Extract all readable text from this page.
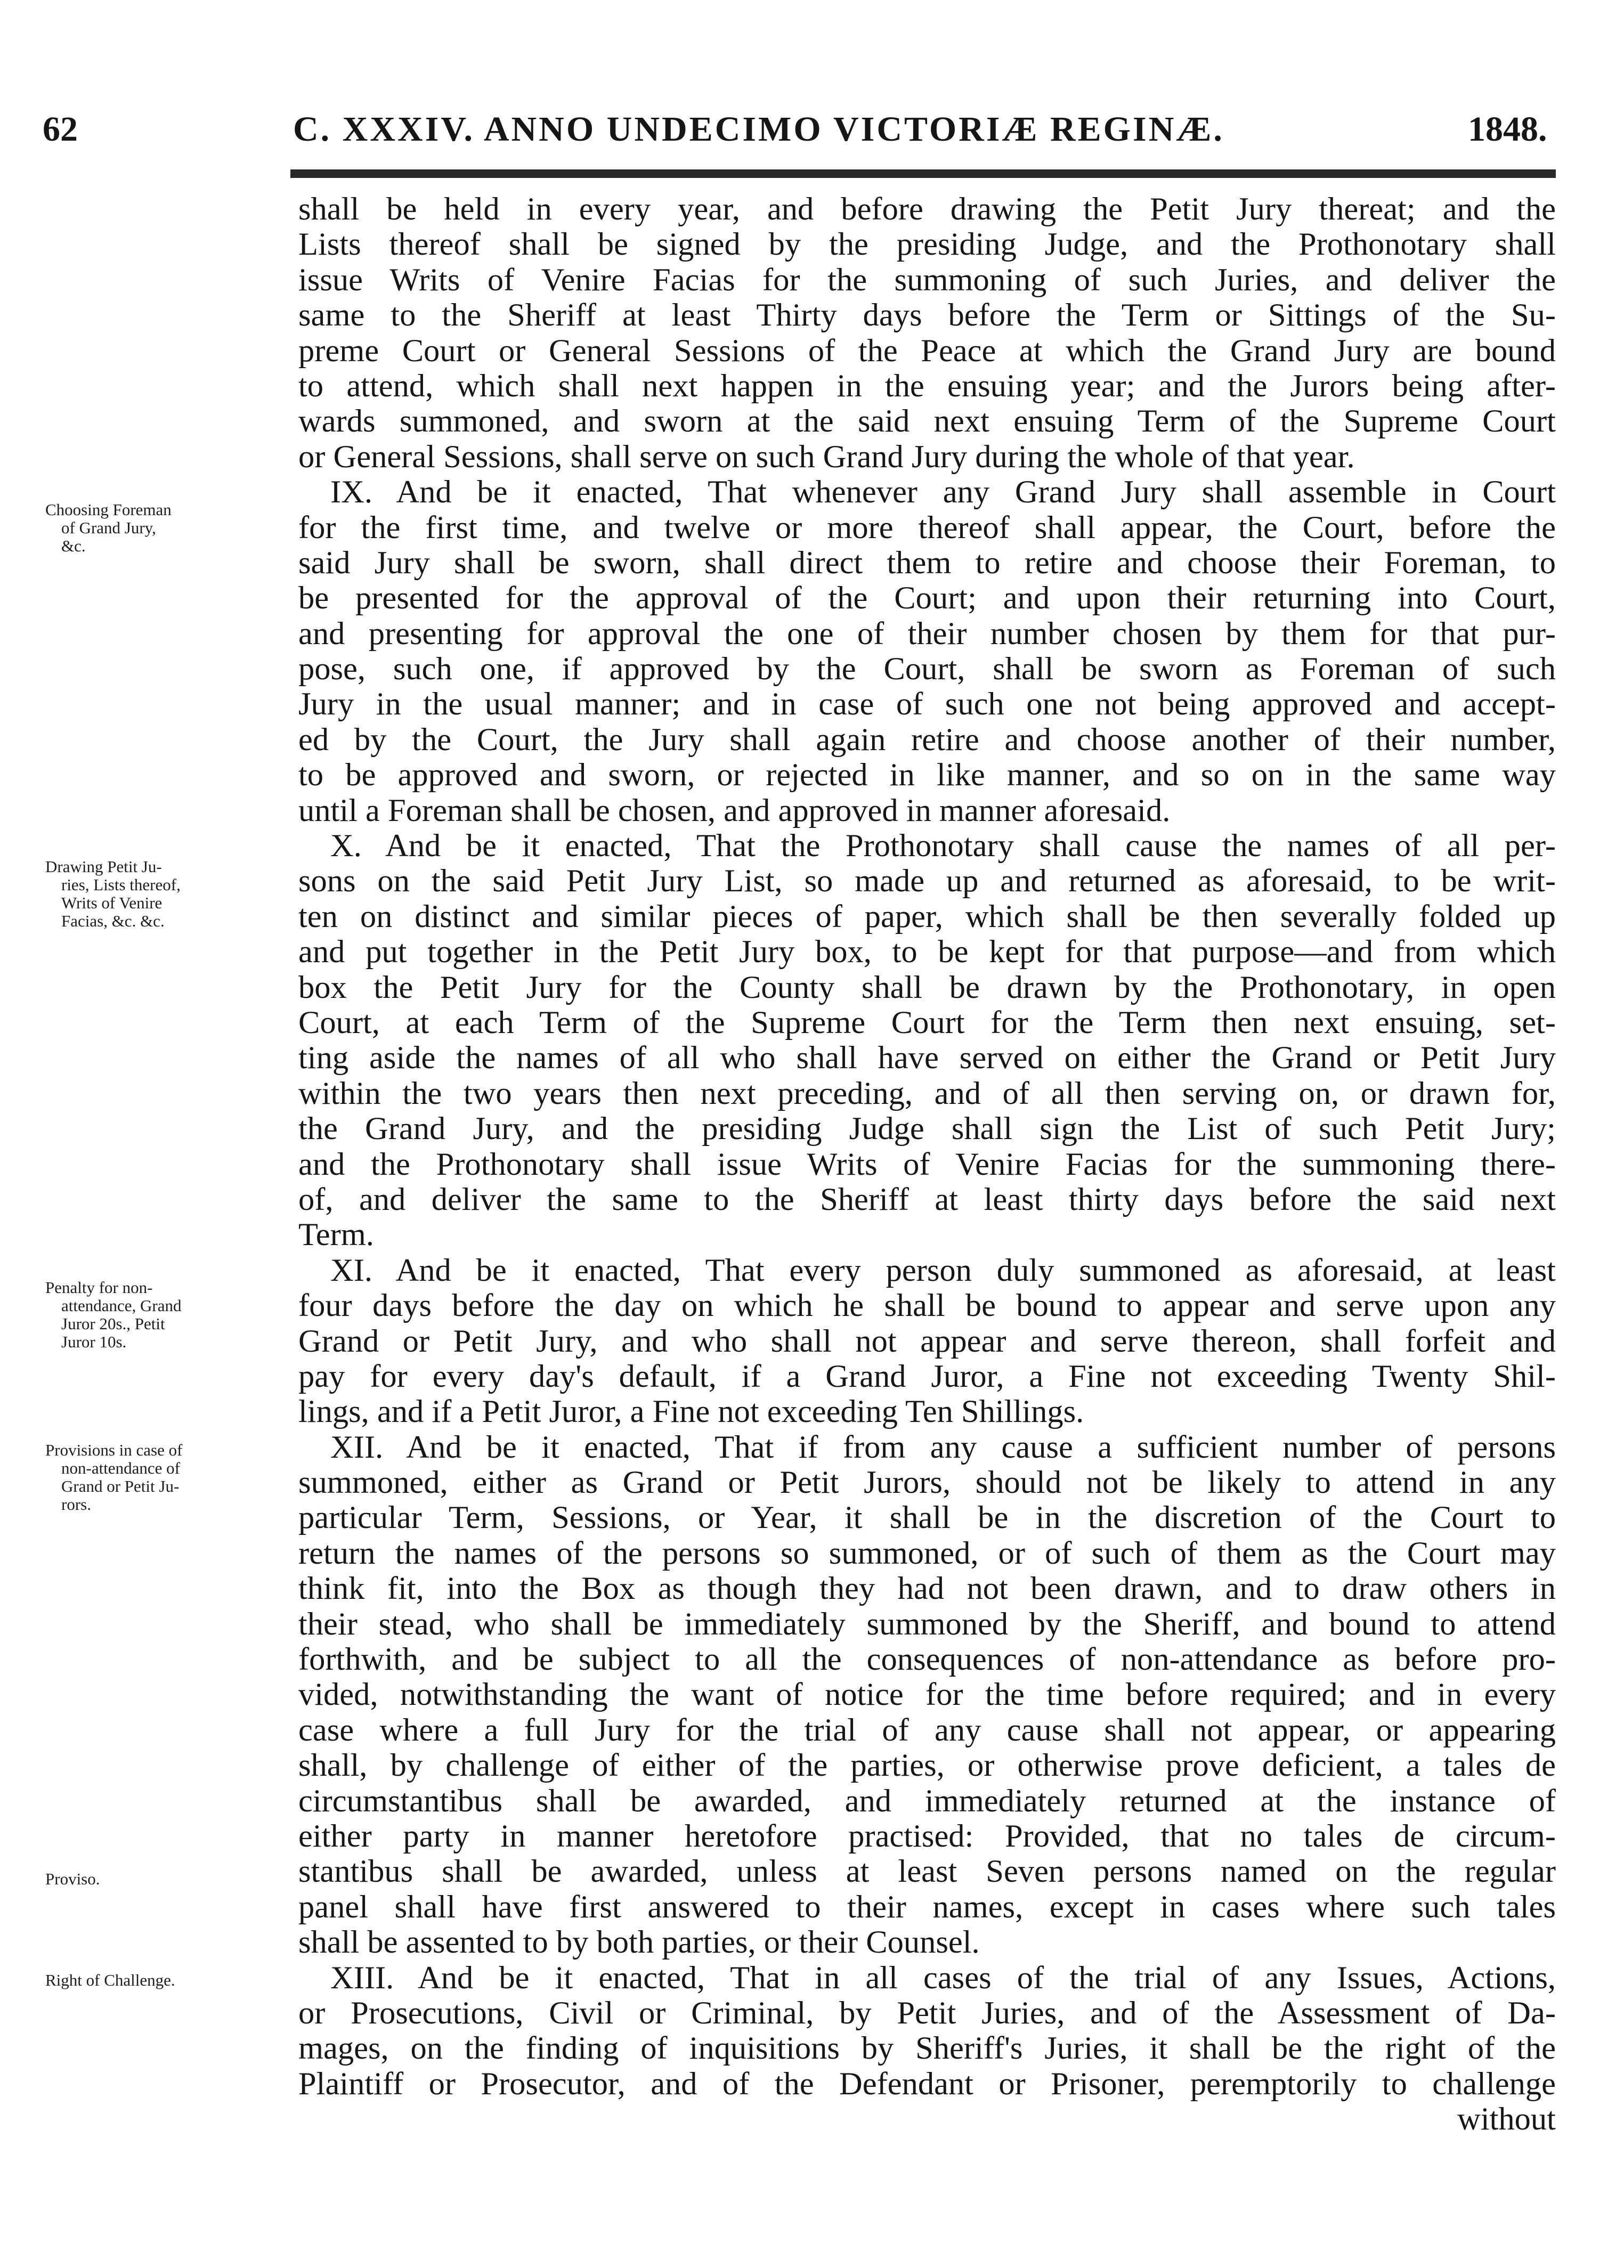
62	C. XXXIV. ANNO UNDECIMO VICTORIÆ REGINÆ.	1848.
Choosing Foreman
of Grand Jury,
&c.
Drawing Petit Ju-
ries, Lists thereof,
Writs of Venire
Facias, &c. &c.
Penalty for non-
attendance, Grand
Juror 20s., Petit
Juror 10s.
Provisions in case of
non-attendance of
Grand or Petit Ju-
rors.
Proviso.
Right of Challenge.
shall be held in every year, and before drawing the Petit Jury thereat; and the
Lists thereof shall be signed by the presiding Judge, and the Prothonotary shall
issue Writs of Venire Facias for the summoning of such Juries, and deliver the
same to the Sheriff at least Thirty days before the Term or Sittings of the Su-
preme Court or General Sessions of the Peace at which the Grand Jury are bound
to attend, which shall next happen in the ensuing year; and the Jurors being after-
wards summoned, and sworn at the said next ensuing Term of the Supreme Court
or General Sessions, shall serve on such Grand Jury during the whole of that year.
IX. And be it enacted, That whenever any Grand Jury shall assemble in Court
for the first time, and twelve or more thereof shall appear, the Court, before the
said Jury shall be sworn, shall direct them to retire and choose their Foreman, to
be presented for the approval of the Court; and upon their returning into Court,
and presenting for approval the one of their number chosen by them for that pur-
pose, such one, if approved by the Court, shall be sworn as Foreman of such
Jury in the usual manner; and in case of such one not being approved and accept-
ed by the Court, the Jury shall again retire and choose another of their number,
to be approved and sworn, or rejected in like manner, and so on in the same way
until a Foreman shall be chosen, and approved in manner aforesaid.
X. And be it enacted, That the Prothonotary shall cause the names of all per-
sons on the said Petit Jury List, so made up and returned as aforesaid, to be writ-
ten on distinct and similar pieces of paper, which shall be then severally folded up
and put together in the Petit Jury box, to be kept for that purpose—and from which
box the Petit Jury for the County shall be drawn by the Prothonotary, in open
Court, at each Term of the Supreme Court for the Term then next ensuing, set-
ting aside the names of all who shall have served on either the Grand or Petit Jury
within the two years then next preceding, and of all then serving on, or drawn for,
the Grand Jury, and the presiding Judge shall sign the List of such Petit Jury;
and the Prothonotary shall issue Writs of Venire Facias for the summoning there-
of, and deliver the same to the Sheriff at least thirty days before the said next
Term.
XI. And be it enacted, That every person duly summoned as aforesaid, at least
four days before the day on which he shall be bound to appear and serve upon any
Grand or Petit Jury, and who shall not appear and serve thereon, shall forfeit and
pay for every day's default, if a Grand Juror, a Fine not exceeding Twenty Shil-
lings, and if a Petit Juror, a Fine not exceeding Ten Shillings.
XII. And be it enacted, That if from any cause a sufficient number of persons
summoned, either as Grand or Petit Jurors, should not be likely to attend in any
particular Term, Sessions, or Year, it shall be in the discretion of the Court to
return the names of the persons so summoned, or of such of them as the Court may
think fit, into the Box as though they had not been drawn, and to draw others in
their stead, who shall be immediately summoned by the Sheriff, and bound to attend
forthwith, and be subject to all the consequences of non-attendance as before pro-
vided, notwithstanding the want of notice for the time before required; and in every
case where a full Jury for the trial of any cause shall not appear, or appearing
shall, by challenge of either of the parties, or otherwise prove deficient, a tales de
circumstantibus shall be awarded, and immediately returned at the instance of
either party in manner heretofore practised: Provided, that no tales de circum-
stantibus shall be awarded, unless at least Seven persons named on the regular
panel shall have first answered to their names, except in cases where such tales
shall be assented to by both parties, or their Counsel.
XIII. And be it enacted, That in all cases of the trial of any Issues, Actions,
or Prosecutions, Civil or Criminal, by Petit Juries, and of the Assessment of Da-
mages, on the finding of inquisitions by Sheriff's Juries, it shall be the right of the
Plaintiff or Prosecutor, and of the Defendant or Prisoner, peremptorily to challenge
without
